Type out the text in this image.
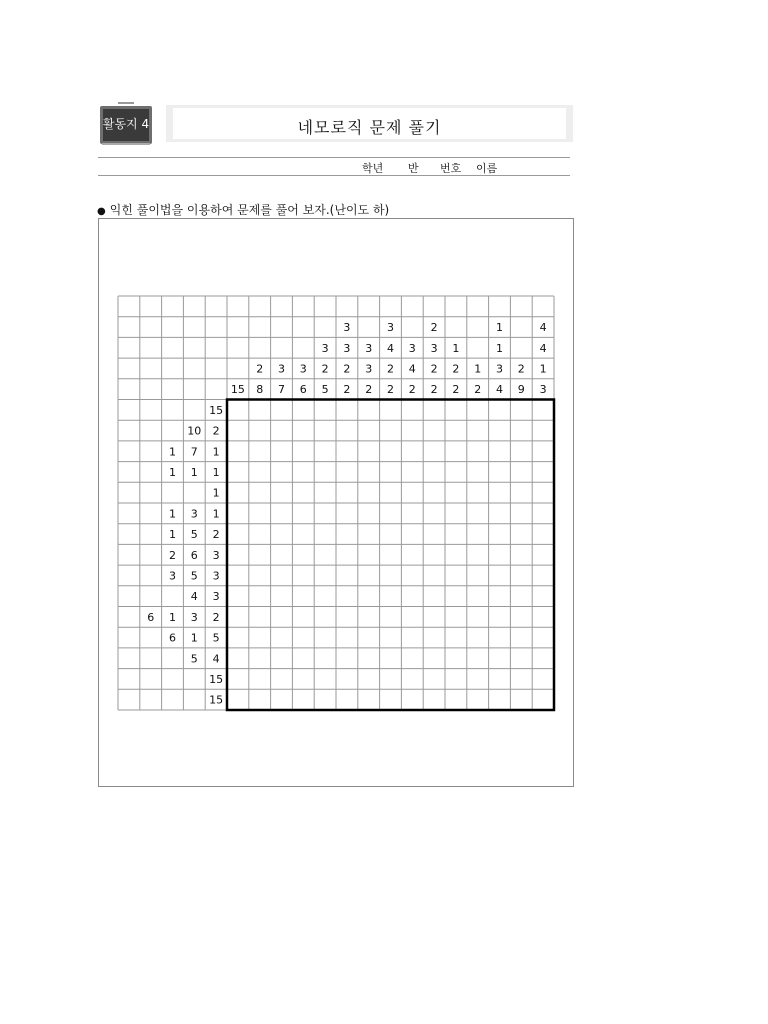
활동지 4	네모로직 문제 풀기
학년 반 번호 이름
● 익힌 풀이법을 이용하여 문제를 풀어 보자.(난이도 하)
15
2
8
3
7
3
6
3
2
5
3
3
2
2
3
3
2
3
4
2
2
3
4
2
2
3
2
2
1
2
2
1
2
1
1
3
4
2
9
4
4
1
3
15
10 2
1 7 1
1 1 1
1
1 3 1
1 5 2
2 6 3
3 5 3
4 3
6 1 3 2
6 1 5
5 4
15
15
